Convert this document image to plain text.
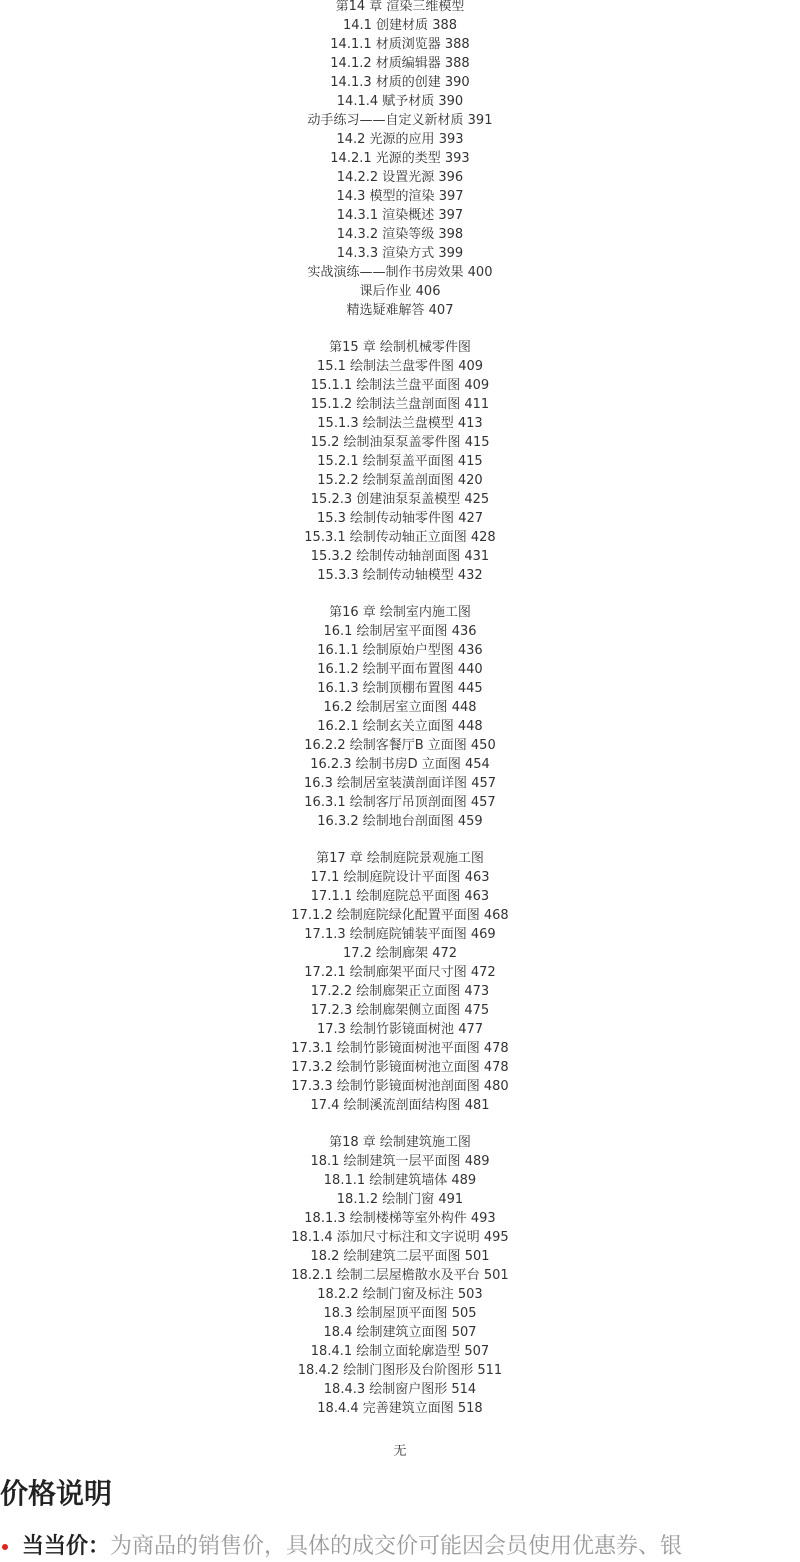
第14 章 渲染三维模型
14.1 创建材质 388
14.1.1 材质浏览器 388
14.1.2 材质编辑器 388
14.1.3 材质的创建 390
14.1.4 赋予材质 390
动手练习——自定义新材质 391
14.2 光源的应用 393
14.2.1 光源的类型 393
14.2.2 设置光源 396
14.3 模型的渲染 397
14.3.1 渲染概述 397
14.3.2 渲染等级 398
14.3.3 渲染方式 399
实战演练——制作书房效果 400
课后作业 406
精选疑难解答 407
第15 章 绘制机械零件图
15.1 绘制法兰盘零件图 409
15.1.1 绘制法兰盘平面图 409
15.1.2 绘制法兰盘剖面图 411
15.1.3 绘制法兰盘模型 413
15.2 绘制油泵泵盖零件图 415
15.2.1 绘制泵盖平面图 415
15.2.2 绘制泵盖剖面图 420
15.2.3 创建油泵泵盖模型 425
15.3 绘制传动轴零件图 427
15.3.1 绘制传动轴正立面图 428
15.3.2 绘制传动轴剖面图 431
15.3.3 绘制传动轴模型 432
第16 章 绘制室内施工图
16.1 绘制居室平面图 436
16.1.1 绘制原始户型图 436
16.1.2 绘制平面布置图 440
16.1.3 绘制顶棚布置图 445
16.2 绘制居室立面图 448
16.2.1 绘制玄关立面图 448
16.2.2 绘制客餐厅B 立面图 450
16.2.3 绘制书房D 立面图 454
16.3 绘制居室装潢剖面详图 457
16.3.1 绘制客厅吊顶剖面图 457
16.3.2 绘制地台剖面图 459
第17 章 绘制庭院景观施工图
17.1 绘制庭院设计平面图 463
17.1.1 绘制庭院总平面图 463
17.1.2 绘制庭院绿化配置平面图 468
17.1.3 绘制庭院铺装平面图 469
17.2 绘制廊架 472
17.2.1 绘制廊架平面尺寸图 472
17.2.2 绘制廊架正立面图 473
17.2.3 绘制廊架侧立面图 475
17.3 绘制竹影镜面树池 477
17.3.1 绘制竹影镜面树池平面图 478
17.3.2 绘制竹影镜面树池立面图 478
17.3.3 绘制竹影镜面树池剖面图 480
17.4 绘制溪流剖面结构图 481
第18 章 绘制建筑施工图
18.1 绘制建筑一层平面图 489
18.1.1 绘制建筑墙体 489
18.1.2 绘制门窗 491
18.1.3 绘制楼梯等室外构件 493
18.1.4 添加尺寸标注和文字说明 495
18.2 绘制建筑二层平面图 501
18.2.1 绘制二层屋檐散水及平台 501
18.2.2 绘制门窗及标注 503
18.3 绘制屋顶平面图 505
18.4 绘制建筑立面图 507
18.4.1 绘制立面轮廓造型 507
18.4.2 绘制门图形及台阶图形 511
18.4.3 绘制窗户图形 514
18.4.4 完善建筑立面图 518
无
价格说明
当当价：为商品的销售价，具体的成交价可能因会员使用优惠券、银
